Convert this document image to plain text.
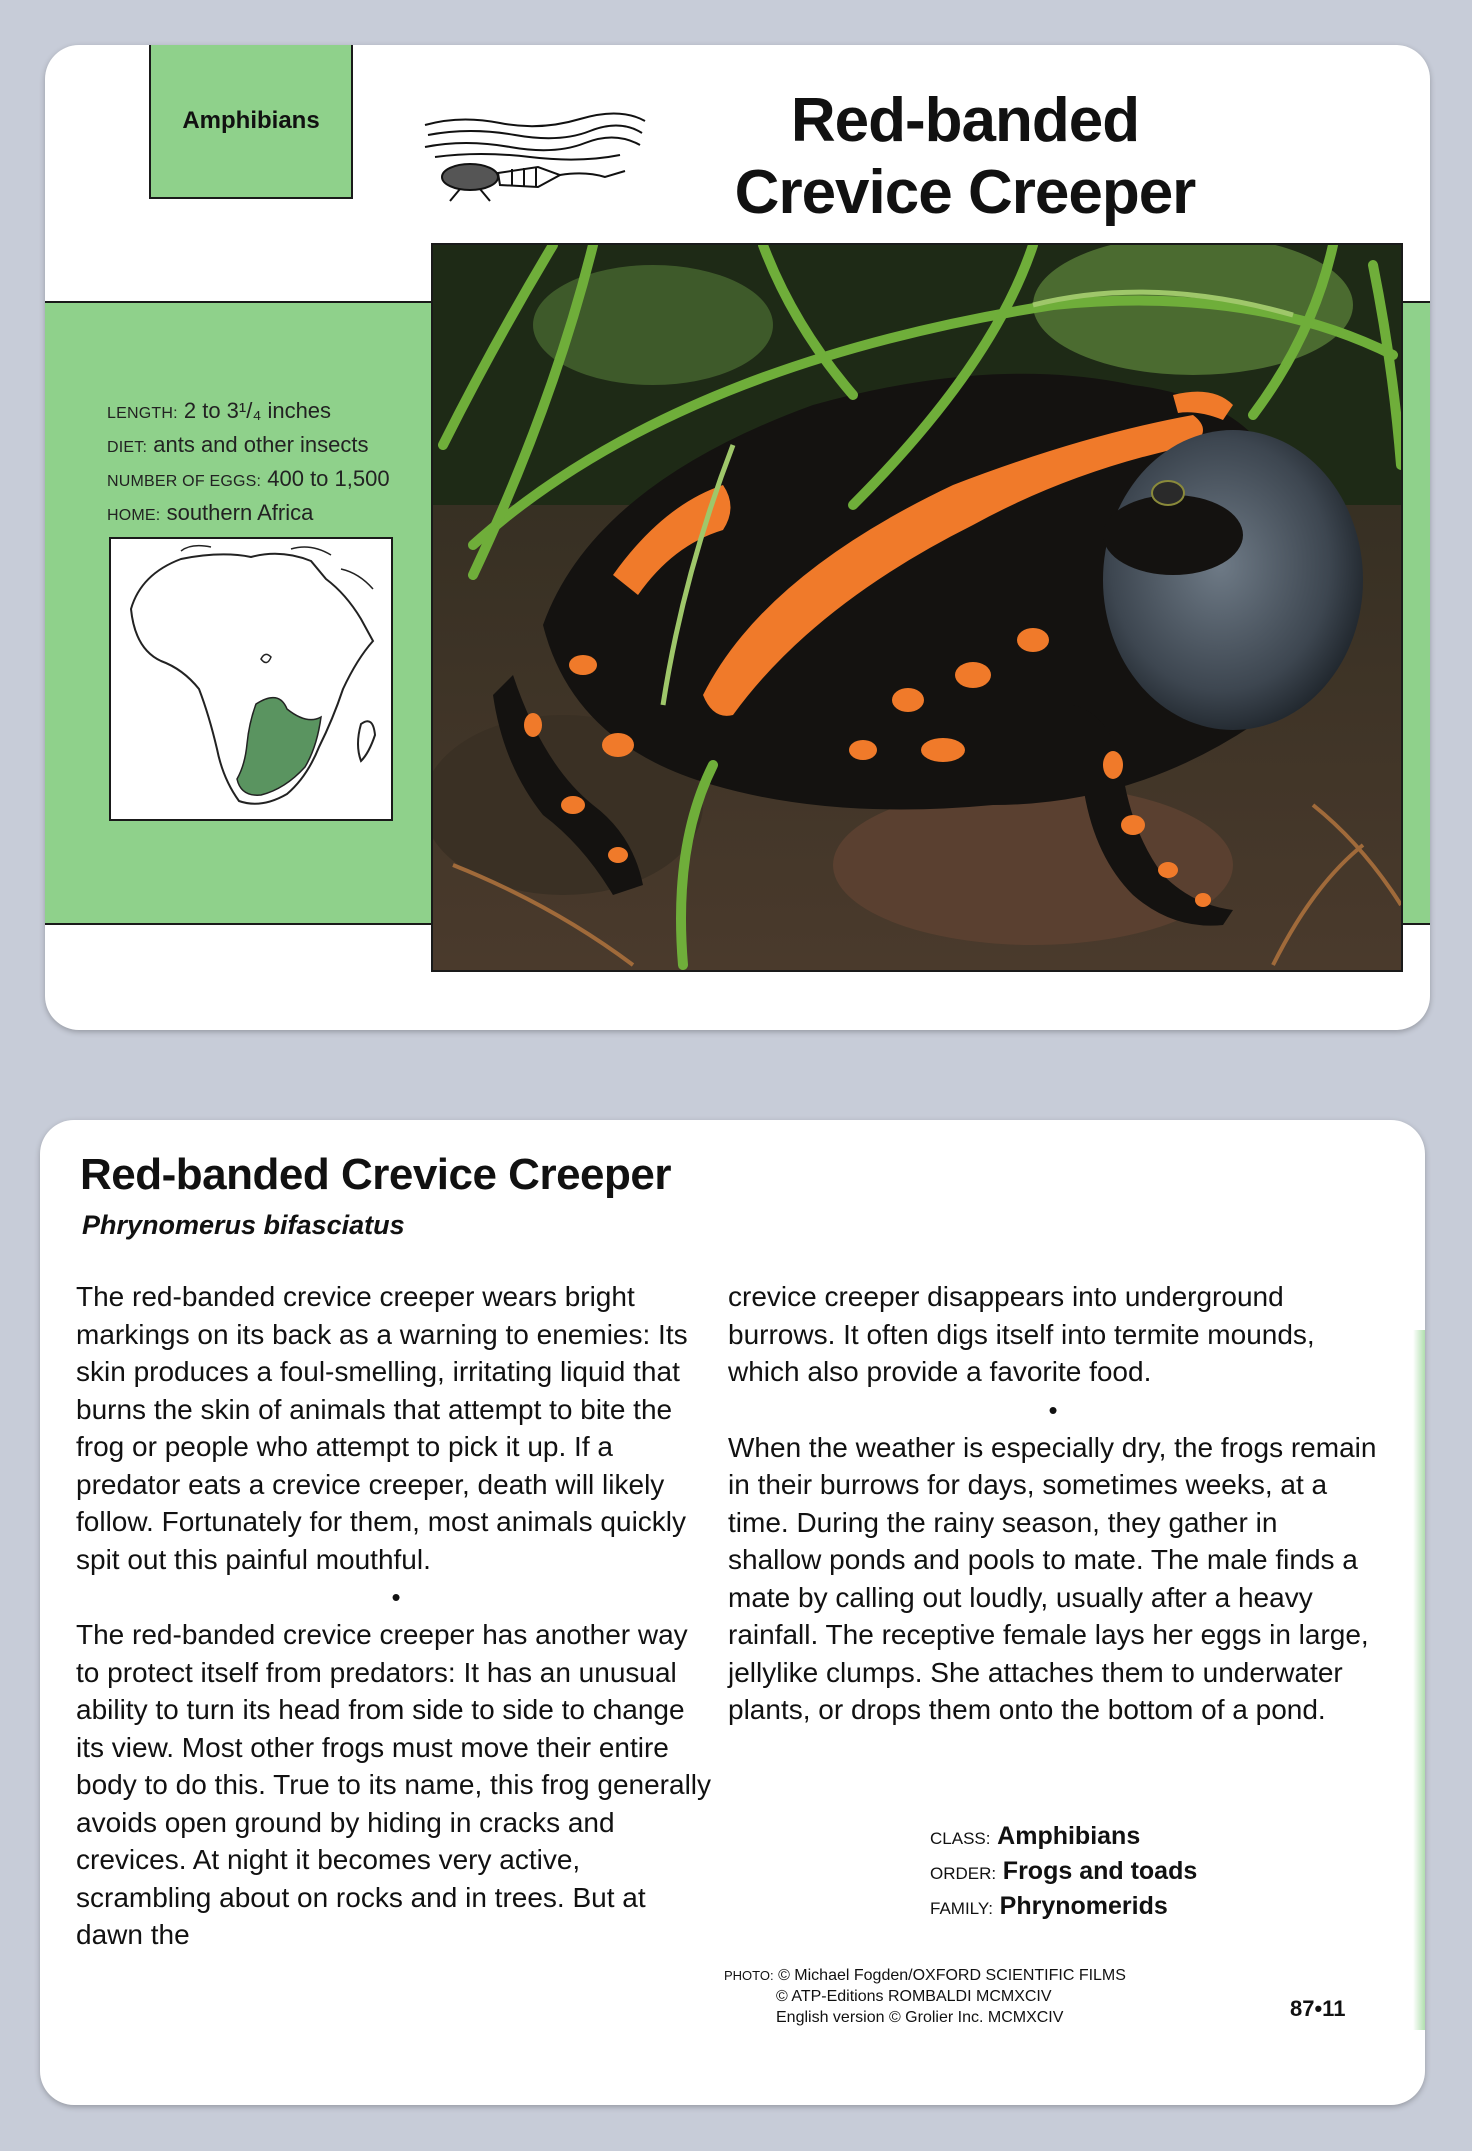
Amphibians	Red-banded
Crevice Creeper
LENGTH: 2 to 3¹/₄ inches
DIET: ants and other insects
NUMBER OF EGGS: 400 to 1,500
HOME: southern Africa
Red-banded Crevice Creeper
Phrynomerus bifasciatus

The red-banded crevice creeper wears bright markings on its back as a warning to enemies: Its skin produces a foul-smelling, irritating liquid that burns the skin of animals that attempt to bite the frog or people who attempt to pick it up. If a predator eats a crevice creeper, death will likely follow. Fortunately for them, most animals quickly spit out this painful mouthful.

•

The red-banded crevice creeper has another way to protect itself from predators: It has an unusual ability to turn its head from side to side to change its view. Most other frogs must move their entire body to do this. True to its name, this frog generally avoids open ground by hiding in cracks and crevices. At night it becomes very active, scrambling about on rocks and in trees. But at dawn the

crevice creeper disappears into underground burrows. It often digs itself into termite mounds, which also provide a favorite food.

•

When the weather is especially dry, the frogs remain in their burrows for days, sometimes weeks, at a time. During the rainy season, they gather in shallow ponds and pools to mate. The male finds a mate by calling out loudly, usually after a heavy rainfall. The receptive female lays her eggs in large, jellylike clumps. She attaches them to underwater plants, or drops them onto the bottom of a pond.

CLASS: Amphibians
ORDER: Frogs and toads
FAMILY: Phrynomerids
PHOTO: © Michael Fogden/OXFORD SCIENTIFIC FILMS
© ATP-Editions ROMBALDI MCMXCIV
English version © Grolier Inc. MCMXCIV	87•11
